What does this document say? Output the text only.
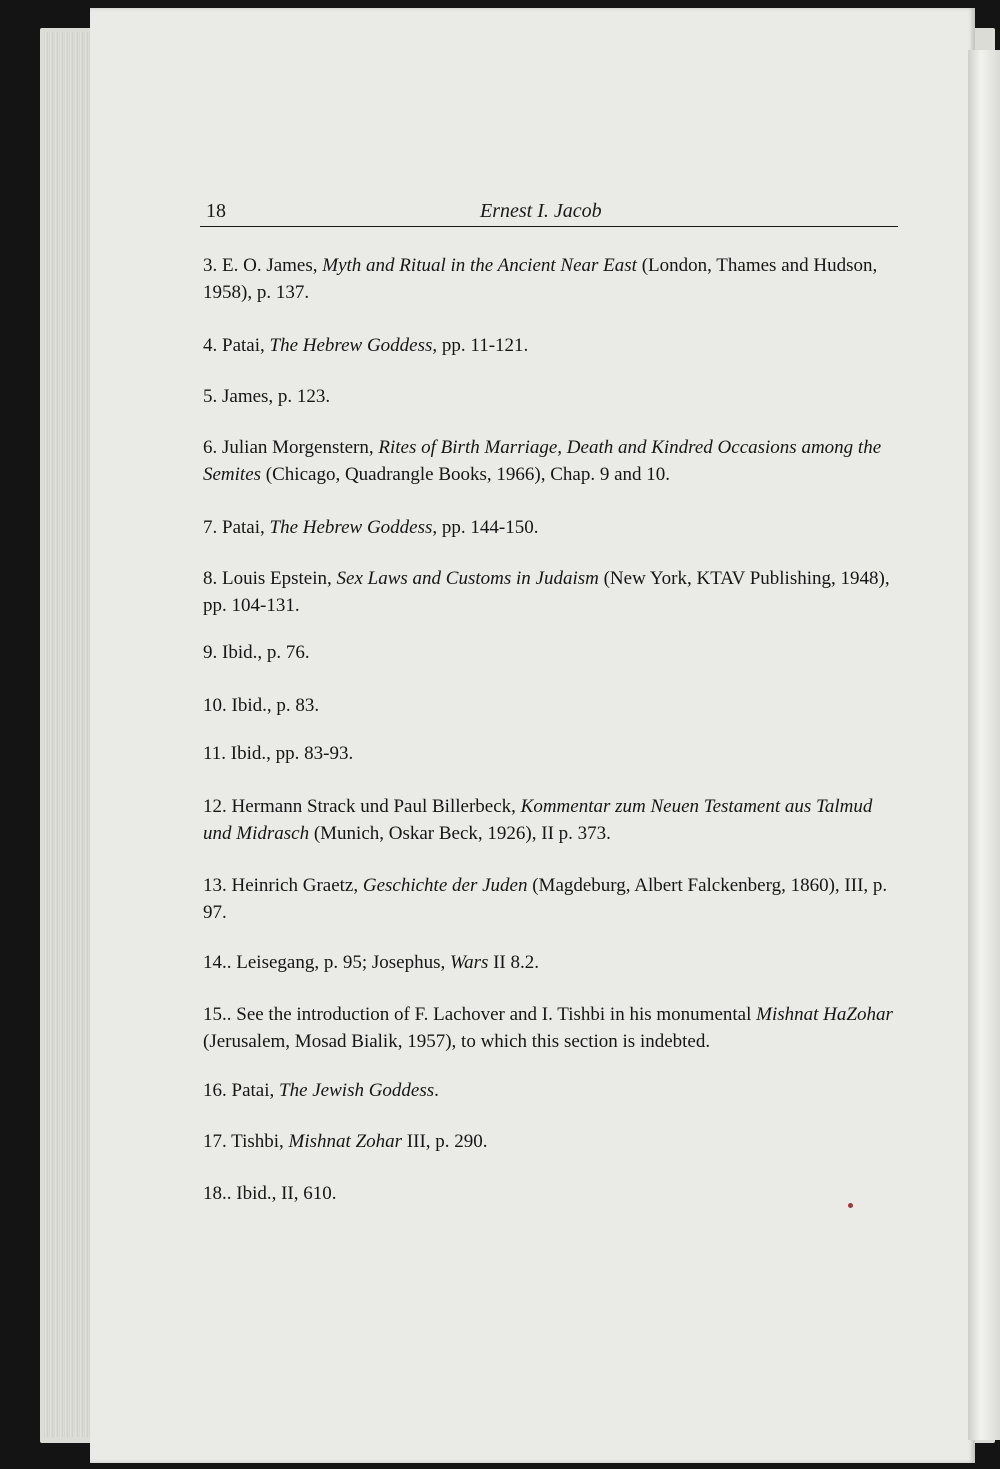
18	Ernest I. Jacob
3. E. O. James, Myth and Ritual in the Ancient Near East (London, Thames and Hudson, 1958), p. 137.
4. Patai, The Hebrew Goddess, pp. 11-121.
5. James, p. 123.
6. Julian Morgenstern, Rites of Birth Marriage, Death and Kindred Occasions among the Semites (Chicago, Quadrangle Books, 1966), Chap. 9 and 10.
7. Patai, The Hebrew Goddess, pp. 144-150.
8. Louis Epstein, Sex Laws and Customs in Judaism (New York, KTAV Publishing, 1948), pp. 104-131.
9. Ibid., p. 76.
10. Ibid., p. 83.
11. Ibid., pp. 83-93.
12. Hermann Strack und Paul Billerbeck, Kommentar zum Neuen Testament aus Talmud und Midrasch (Munich, Oskar Beck, 1926), II p. 373.
13. Heinrich Graetz, Geschichte der Juden (Magdeburg, Albert Falckenberg, 1860), III, p. 97.
14.. Leisegang, p. 95; Josephus, Wars II 8.2.
15.. See the introduction of F. Lachover and I. Tishbi in his monumental Mishnat HaZohar (Jerusalem, Mosad Bialik, 1957), to which this section is indebted.
16. Patai, The Jewish Goddess.
17. Tishbi, Mishnat Zohar III, p. 290.
18.. Ibid., II, 610.
